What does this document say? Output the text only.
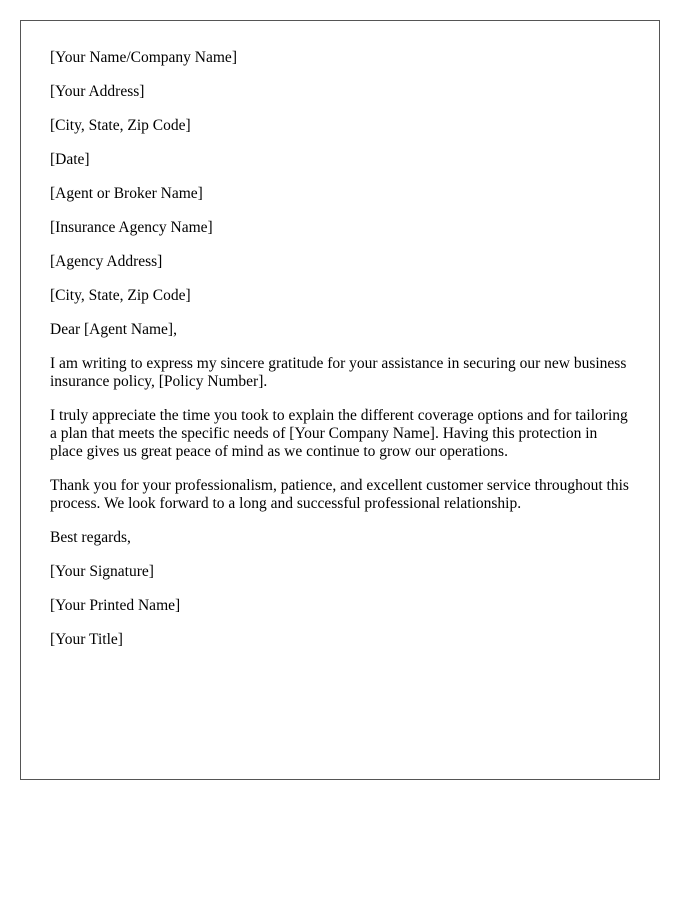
[Your Name/Company Name]
[Your Address]
[City, State, Zip Code]
[Date]
[Agent or Broker Name]
[Insurance Agency Name]
[Agency Address]
[City, State, Zip Code]
Dear [Agent Name],
I am writing to express my sincere gratitude for your assistance in securing our new business insurance policy, [Policy Number].
I truly appreciate the time you took to explain the different coverage options and for tailoring a plan that meets the specific needs of [Your Company Name]. Having this protection in place gives us great peace of mind as we continue to grow our operations.
Thank you for your professionalism, patience, and excellent customer service throughout this process. We look forward to a long and successful professional relationship.
Best regards,
[Your Signature]
[Your Printed Name]
[Your Title]
